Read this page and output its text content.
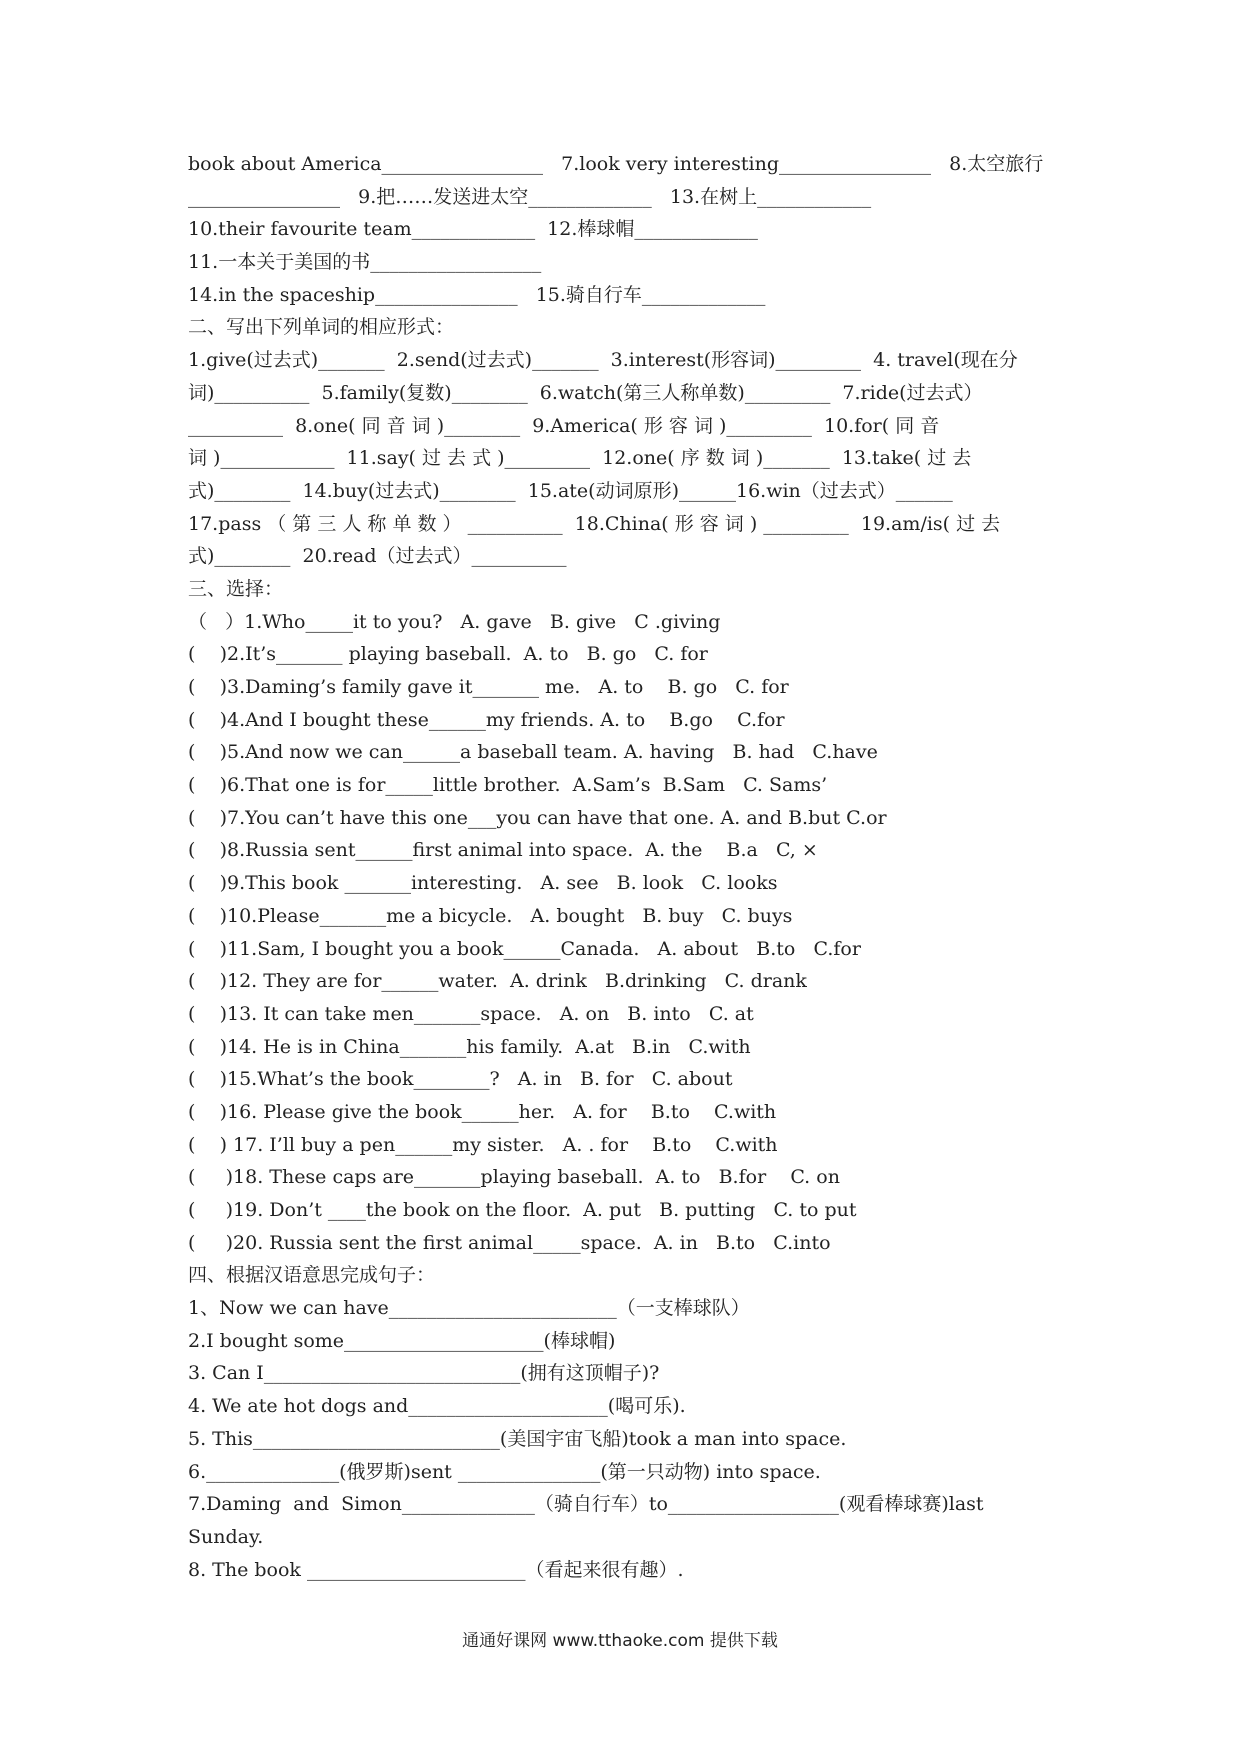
book about America_________________   7.look very interesting________________   8.太空旅行
________________   9.把……发送进太空_____________   13.在树上____________
10.their favourite team_____________  12.棒球帽_____________
11.一本关于美国的书__________________
14.in the spaceship_______________   15.骑自行车_____________
二、写出下列单词的相应形式：
1.give(过去式)_______  2.send(过去式)_______  3.interest(形容词)_________  4. travel(现在分
词)__________  5.family(复数)________  6.watch(第三人称单数)_________  7.ride(过去式）
__________  8.one( 同 音 词 )________  9.America( 形 容 词 )_________  10.for( 同 音
词 )____________  11.say( 过 去 式 )_________  12.one( 序 数 词 )_______  13.take( 过 去
式)________  14.buy(过去式)________  15.ate(动词原形)______16.win（过去式）______
17.pass （ 第 三 人 称 单 数 ） __________  18.China( 形 容 词 ) _________  19.am/is( 过 去
式)________  20.read（过去式）__________
三、选择：
（   ）1.Who_____it to you?   A. gave   B. give   C .giving
(    )2.It’s_______ playing baseball.  A. to   B. go   C. for
(    )3.Daming’s family gave it_______ me.   A. to    B. go   C. for
(    )4.And I bought these______my friends. A. to    B.go    C.for
(    )5.And now we can______a baseball team. A. having   B. had   C.have
(    )6.That one is for_____little brother.  A.Sam’s  B.Sam   C. Sams’
(    )7.You can’t have this one___you can have that one. A. and B.but C.or
(    )8.Russia sent______first animal into space.  A. the    B.a   C, ×
(    )9.This book _______interesting.   A. see   B. look   C. looks
(    )10.Please_______me a bicycle.   A. bought   B. buy   C. buys
(    )11.Sam, I bought you a book______Canada.   A. about   B.to   C.for
(    )12. They are for______water.  A. drink   B.drinking   C. drank
(    )13. It can take men_______space.   A. on   B. into   C. at
(    )14. He is in China_______his family.  A.at   B.in   C.with
(    )15.What’s the book________?   A. in   B. for   C. about
(    )16. Please give the book______her.   A. for    B.to    C.with
(    ) 17. I’ll buy a pen______my sister.   A. . for    B.to    C.with
(     )18. These caps are_______playing baseball.  A. to   B.for    C. on
(     )19. Don’t ____the book on the floor.  A. put   B. putting   C. to put
(     )20. Russia sent the first animal_____space.  A. in   B.to   C.into
四、根据汉语意思完成句子：
1、Now we can have________________________（一支棒球队）
2.I bought some_____________________(棒球帽)
3. Can I___________________________(拥有这顶帽子)?
4. We ate hot dogs and_____________________(喝可乐).
5. This__________________________(美国宇宙飞船)took a man into space.
6.______________(俄罗斯)sent _______________(第一只动物) into space.
7.Daming  and  Simon______________（骑自行车）to__________________(观看棒球赛)last
Sunday.
8. The book _______________________（看起来很有趣）.
通通好课网 www.tthaoke.com 提供下载
